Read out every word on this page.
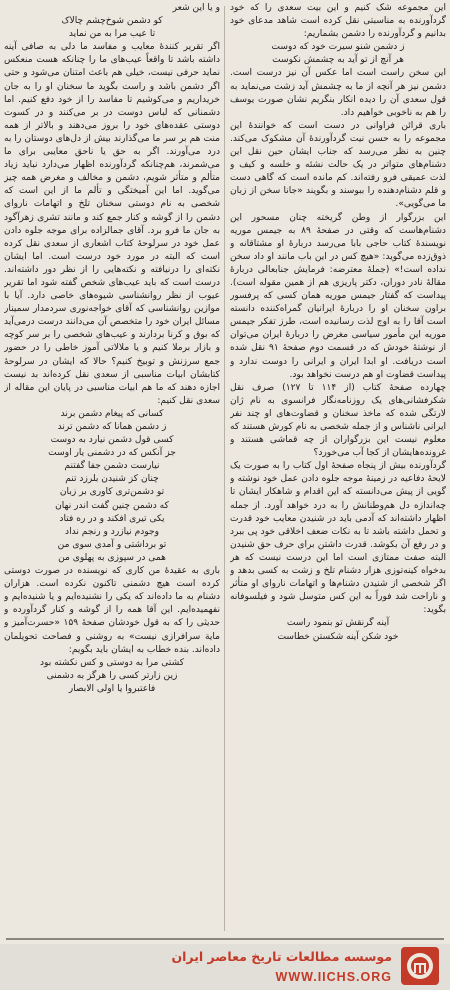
این مجموعه شک کنیم و این بیت سعدی را که خود گردآورنده به مناسبتی نقل کرده است شاهد مدعای خود بدانیم و گردآورنده را دشمن بشماریم:

ز دشمن شنو سیرت خود که دوست
هر آنچ از تو آید به چشمش نکوست

این سخن راست است اما عکس آن نیز درست است. دشمن نیز هر آنچه از ما به چشمش آید زشت می‌نماید به قول سعدی آن را دیده انکار بنگریم نشان صورت یوسف را هم به ناخوبی خواهیم داد.

باری قرائن فراوانی در دست است که خوانندهٔ این مجموعه را به حسن نیت گردآورندهٔ آن مشکوک می‌کند. چنین به نظر می‌رسد که جناب ایشان حین نقل این دشنام‌های متواتر در یک حالت نشئه و خلسه و کیف و لذت عمیقی فرو رفته‌اند. کم مانده است که گاهی دست و قلم دشنام‌دهنده را ببوسند و بگویند «جانا سخن از زبان ما می‌گویی».

این بزرگوار از وطن گریخته چنان مسحور این دشنام‌هاست که وقتی در صفحهٔ ۸۹ به جیمس موریه نویسندهٔ کتاب حاجی بابا می‌رسد دربارهٔ او مشتاقانه و ذوق‌زده می‌گوید: «هیچ کس در این باب مانند او داد سخن نداده است!» (جملهٔ معترضه: فرمایش جنابعالی دربارهٔ مقالهٔ نادر دوران، دکتر پاریزی هم از همین مقوله است). پیداست که گفتار جیمس موریه همان کسی که پرفسور براون سخنان او را دربارهٔ ایرانیان گمراه‌کننده دانسته است آقا را به اوج لذت رسانیده است، طرز تفکر جیمس موریه این مأمور سیاسی مغرض را دربارهٔ ایران می‌توان از نوشتهٔ خودش که در قسمت دوم صفحهٔ ۹۱ نقل شده است دریافت. او ابدا ایران و ایرانی را دوست ندارد و پیداست قضاوت او هم درست نخواهد بود.

چهارده صفحهٔ کتاب (از ۱۱۴ تا ۱۲۷) صرف نقل شکرفشانی‌های یک روزنامه‌نگار فرانسوی به نام ژان لارتگی شده که ما‌خذ سخنان و قضاوت‌های او چند نفر ایرانی ناشناس و از جمله شخصی به نام کورش هستند که معلوم نیست این بزرگواران از چه قماشی هستند و غرونده‌هایشان از کجا آب می‌خورد؟

گردآورنده بیش از پنجاه صفحهٔ اول کتاب را به صورت یک لایحهٔ دفاعیه در زمینهٔ موجه جلوه دادن عمل خود نوشته و گویی از پیش می‌دانسته که این اقدام و شاهکار ایشان تا چه‌اندازه دل هم‌وطنانش را به درد خواهد آورد. از جمله اظهار داشته‌اند که آدمی باید در شنیدن معایب خود قدرت و تحمل داشته باشد تا به نکات ضعف اخلاقی خود پی ببرد و در رفع آن بکوشد. قدرت داشتن برای حرف حق شنیدن البته صفت ممتازی است اما این درست نیست که هر بدخواه کینه‌توزی هزار دشنام تلخ و زشت به کسی بدهد و اگر شخصی از شنیدن دشنام‌ها و اتهامات ناروای او متأثر و ناراحت شد فوراً به این کس متوسل شود و فیلسوفانه بگوید:

آینه گرنقش تو بنمود راست
خود شکن آینه شکستن خطاست

و یا این شعر

کو دشمن شوخ‌چشم چالاک
تا عیب مرا به من نماید

اگر تقریر کنندهٔ معایب و مفاسد ما دلی به صافی آینه داشته باشد تا واقعاً عیب‌های ما را چنانکه هست منعکس نماید حرفی نیست، خیلی هم باعث امتنان می‌شود و حتی اگر دشمن باشد و راست بگوید ما سخنان او را به جان خریداریم و می‌کوشیم تا مفاسد را از خود دفع کنیم. اما دشمنانی که لباس دوست در بر می‌کنند و در کسوت دوستی عقده‌های خود را بروز می‌دهند و بالاتر از همه منت هم بر سر ما می‌گذارند بیش از دل‌های دوستان را به درد می‌آورند. اگر به حق یا ناحق معایبی برای ما می‌شمرند، هم‌چنانکه گردآورنده اظهار می‌دارد نباید زیاد متألم و متأثر شویم، دشمن و مخالف و مغرض همه چیز می‌گوید. اما این آمیختگی و تألم ما از این است که شخصی به نام دوستی سخنان تلخ و اتهامات ناروای دشمن را از گوشه و کنار جمع کند و مانند تشری زهرآگود به جان ما فرو برد. آقای جمالزاده برای موجه جلوه دادن عمل خود در سرلوحهٔ کتاب اشعاری از سعدی نقل کرده است که البته در مورد خود درست است. اما ایشان نکته‌ای را درنیافته و نکته‌هایی را از نظر دور داشته‌اند. درست است که باید عیب‌های شخص گفته شود اما تقریر عیوب از نظر روانشناسی شیوه‌های خاصی دارد. آیا با موازین روانشناسی که آقای خواجه‌نوری سردمدار سمینار مسائل ایران خود را متخصص آن می‌دانند درست درمی‌آید که بوق و کرنا بردارند و عیب‌های شخصی را بر سر کوچه و بازار برملا کنیم و یا ملالاتی آموز خاطی را در حضور جمع سرزنش و توبیخ کنیم؟ حالا که ایشان در سرلوحهٔ کتابشان ابیات مناسبی از سعدی نقل کرده‌اند بد نیست اجازه دهند که ما هم ابیات مناسبی در پایان این مقاله از سعدی نقل کنیم:

کسانی که پیغام دشمن برند
ز دشمن همانا که دشمن ترند
کسی قول دشمن نیارد به دوست
جز آنکس که در دشمنی یار اوست
نیارست دشمن جفا گفتنم
چنان کز شنیدن بلرزد تنم
تو دشمن‌تری کاوری بر زبان
که دشمن چنین گفت اندر نهان
یکی تیری افکند و در ره فتاد
وجودم نیازرد و رنجم نداد
تو برداشتی و آمدی سوی من
همی در سپوزی به پهلوی من

باری به عقیدهٔ من کاری که نویسنده در صورت دوستی کرده است هیچ دشمنی تاکنون نکرده است. هزاران دشنام به ما داده‌اند که یکی را نشنیده‌ایم و یا شنیده‌ایم و نفهمیده‌ایم. این آقا همه را از گوشه و کنار گردآورده و حدیثی را که به قول خودشان صفحهٔ ۱۵۹ «حسرت‌آمیز و ماية سرافرازی نیست» به روشنی و فصاحت تحویلمان داده‌اند. بنده خطاب به ایشان باید بگویم:

کشتی مرا به دوستی و کس نکشته بود
زین زارتر کسی را هرگز به دشمنی
فاعتبروا یا اولی الابصار
موسسه مطالعات تاریخ معاصر ایران
WWW.IICHS.ORG
